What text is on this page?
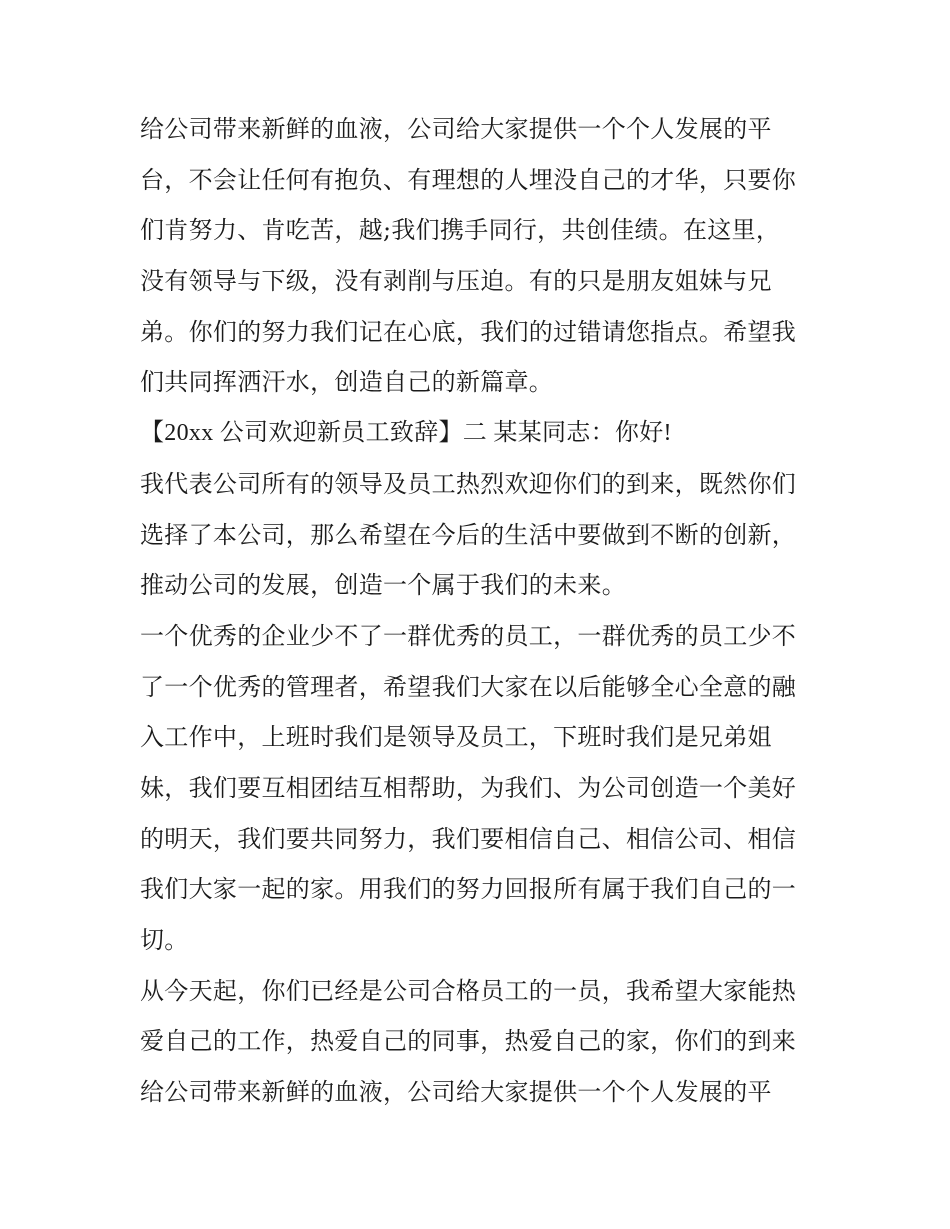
给公司带来新鲜的血液，公司给大家提供一个个人发展的平
台，不会让任何有抱负、有理想的人埋没自己的才华，只要你
们肯努力、肯吃苦，越;我们携手同行，共创佳绩。在这里，
没有领导与下级，没有剥削与压迫。有的只是朋友姐妹与兄
弟。你们的努力我们记在心底，我们的过错请您指点。希望我
们共同挥洒汗水，创造自己的新篇章。
【20xx 公司欢迎新员工致辞】二 某某同志：你好!
我代表公司所有的领导及员工热烈欢迎你们的到来，既然你们
选择了本公司，那么希望在今后的生活中要做到不断的创新，
推动公司的发展，创造一个属于我们的未来。
一个优秀的企业少不了一群优秀的员工，一群优秀的员工少不
了一个优秀的管理者，希望我们大家在以后能够全心全意的融
入工作中，上班时我们是领导及员工，下班时我们是兄弟姐
妹，我们要互相团结互相帮助，为我们、为公司创造一个美好
的明天，我们要共同努力，我们要相信自己、相信公司、相信
我们大家一起的家。用我们的努力回报所有属于我们自己的一
切。
从今天起，你们已经是公司合格员工的一员，我希望大家能热
爱自己的工作，热爱自己的同事，热爱自己的家，你们的到来
给公司带来新鲜的血液，公司给大家提供一个个人发展的平
